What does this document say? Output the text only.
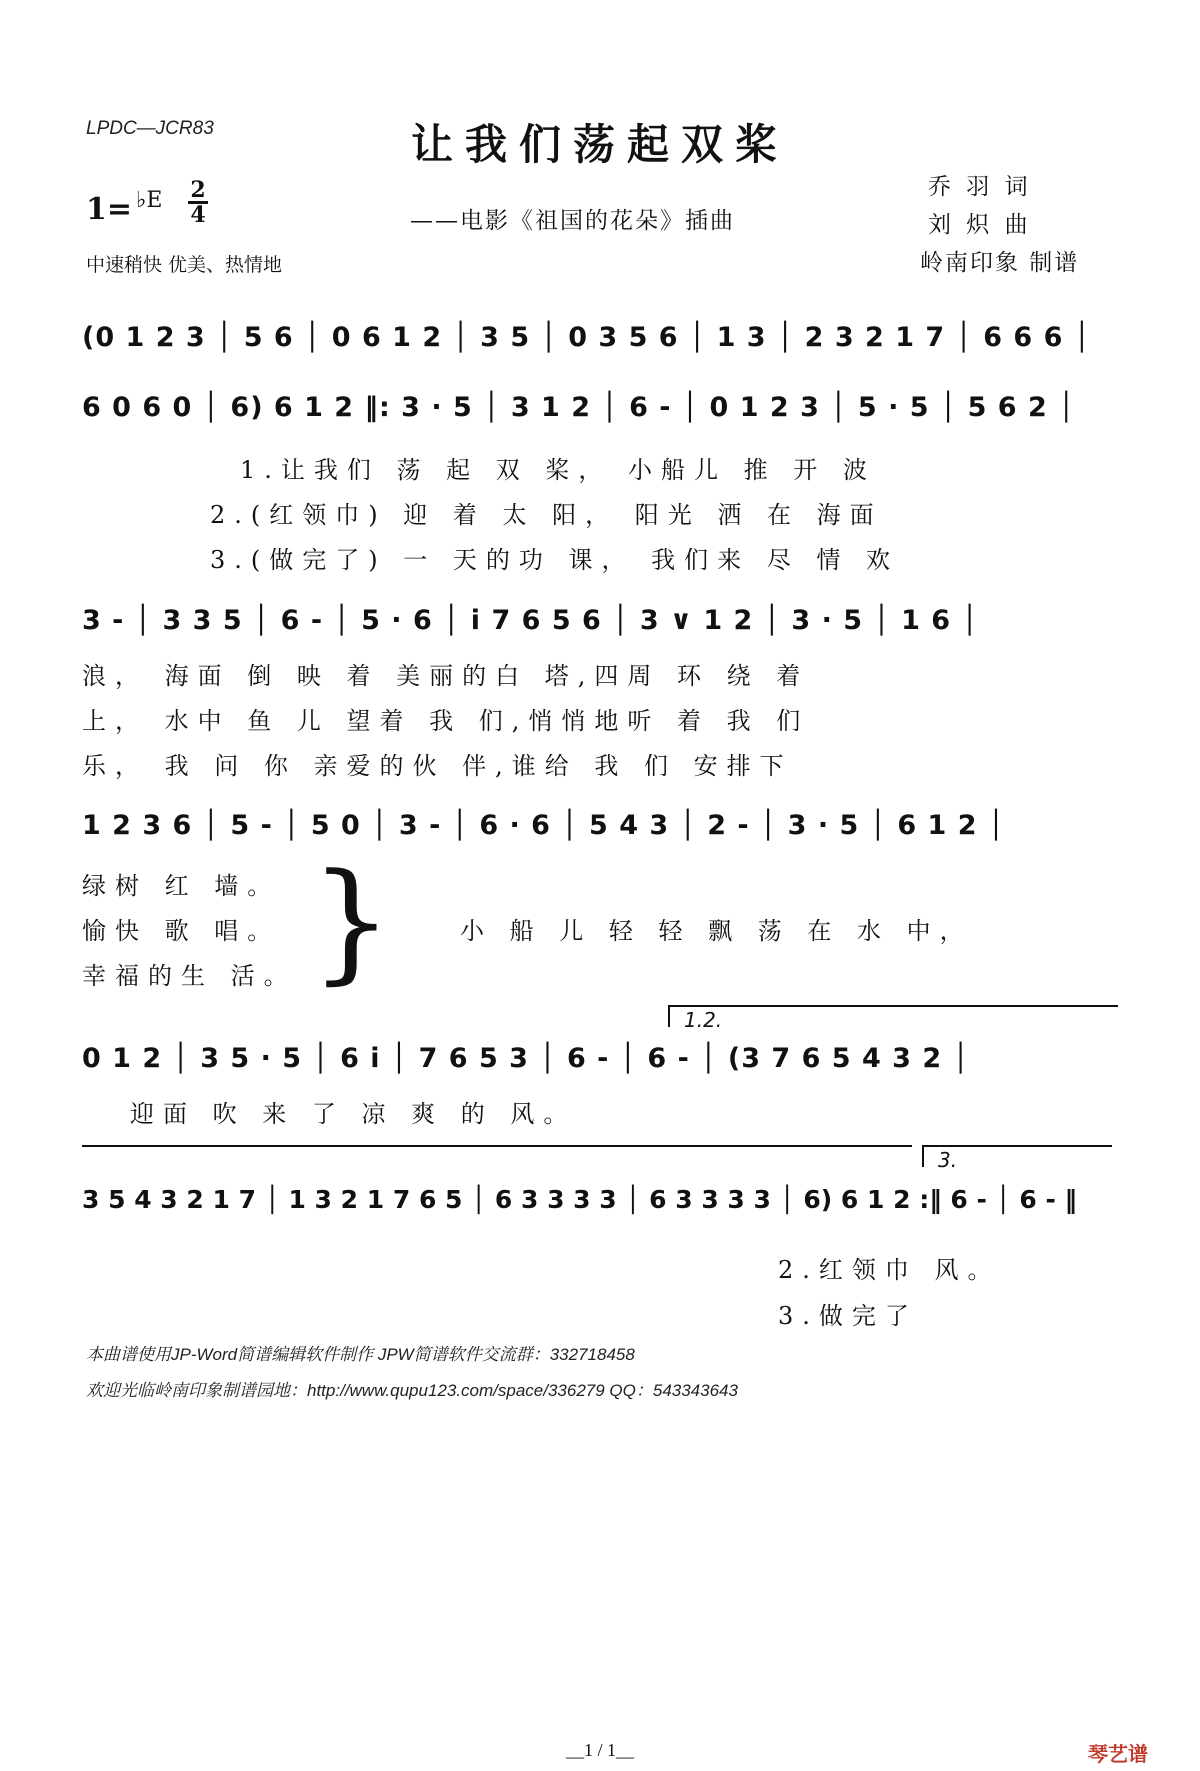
LPDC—JCR83	让我们荡起双桨
——电影《祖国的花朵》插曲
1= $^{♭E}$ 2
4
中速稍快 优美、热情地
乔 羽 词
刘 炽 曲
岭南印象 制谱
(0 1 2 3 │ 5 6 │ 0 6 1 2 │ 3 5 │ 0 3 5 6 │ 1 3 │ 2 3 2 1 7 │ 6 6 6 │
6 0 6 0 │ 6) 6 1 2 ‖: 3 · 5 │ 3 1 2 │ 6 - │ 0 1 2 3 │ 5 · 5 │ 5 6 2 │
1.让我们 荡 起 双 桨， 小船儿 推 开 波
2.(红领巾) 迎 着 太 阳， 阳光 洒 在 海面
3.(做完了) 一 天的功 课， 我们来 尽 情 欢
3 - │ 3 3 5 │ 6 - │ 5 · 6 │ i 7 6 5 6 │ 3 ∨ 1 2 │ 3 · 5 │ 1 6 │
浪， 海面 倒 映 着 美丽的白 塔,四周 环 绕 着
上， 水中 鱼 儿 望着 我 们,悄悄地听 着 我 们
乐， 我 问 你 亲爱的伙 伴,谁给 我 们 安排下
1 2 3 6 │ 5 - │ 5 0 │ 3 - │ 6 · 6 │ 5 4 3 │ 2 - │ 3 · 5 │ 6 1 2 │
绿树 红 墙。
愉快 歌 唱。
幸福的生 活。 }	小 船 儿 轻 轻 飘 荡 在 水 中，
1.2.
0 1 2 │ 3 5 · 5 │ 6 i │ 7 6 5 3 │ 6 - │ 6 - │ (3 7 6 5 4 3 2 │
迎面 吹 来 了 凉 爽 的 风。
3.
3 5 4 3 2 1 7 │ 1 3 2 1 7 6 5 │ 6 3 3 3 3 │ 6 3 3 3 3 │ 6) 6 1 2 :‖ 6 - │ 6 - ‖
2.红领巾 风。
3.做完了
本曲谱使用JP-Word简谱编辑软件制作 JPW简谱软件交流群：332718458
欢迎光临岭南印象制谱园地：http://www.qupu123.com/space/336279 QQ：543343643
__1 / 1__	琴艺谱
